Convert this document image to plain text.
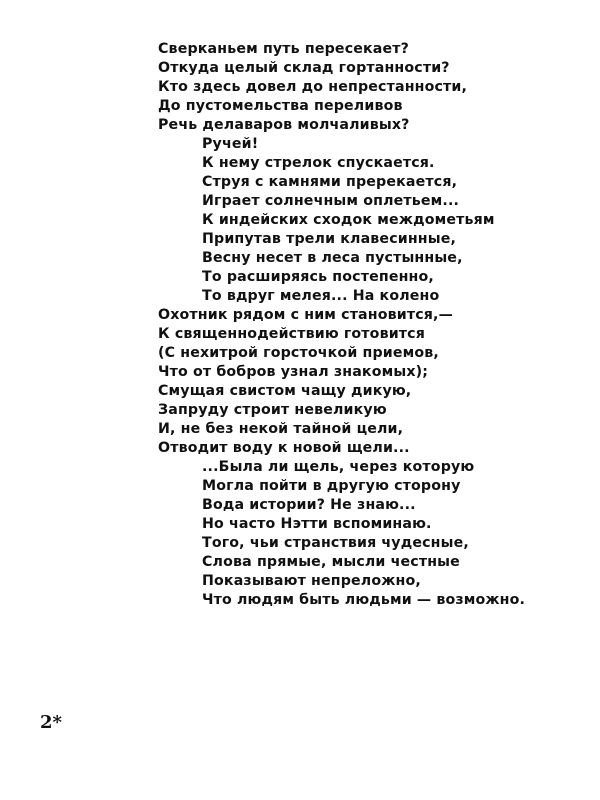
Сверканьем путь пересекает?
Откуда целый склад гортанности?
Кто здесь довел до непрестанности,
До пустомельства переливов
Речь делаваров молчаливых?
Ручей!
К нему стрелок спускается.
Струя с камнями пререкается,
Играет солнечным оплетьем...
К индейских сходок междометьям
Припутав трели клавесинные,
Весну несет в леса пустынные,
То расширяясь постепенно,
То вдруг мелея... На колено
Охотник рядом с ним становится,—
К священнодействию готовится
(С нехитрой горсточкой приемов,
Что от бобров узнал знакомых);
Смущая свистом чащу дикую,
Запруду строит невеликую
И, не без некой тайной цели,
Отводит воду к новой щели...
...Была ли щель, через которую
Могла пойти в другую сторону
Вода истории? Не знаю...
Но часто Нэтти вспоминаю.
Того, чьи странствия чудесные,
Слова прямые, мысли честные
Показывают непреложно,
Что людям быть людьми — возможно.
2*
